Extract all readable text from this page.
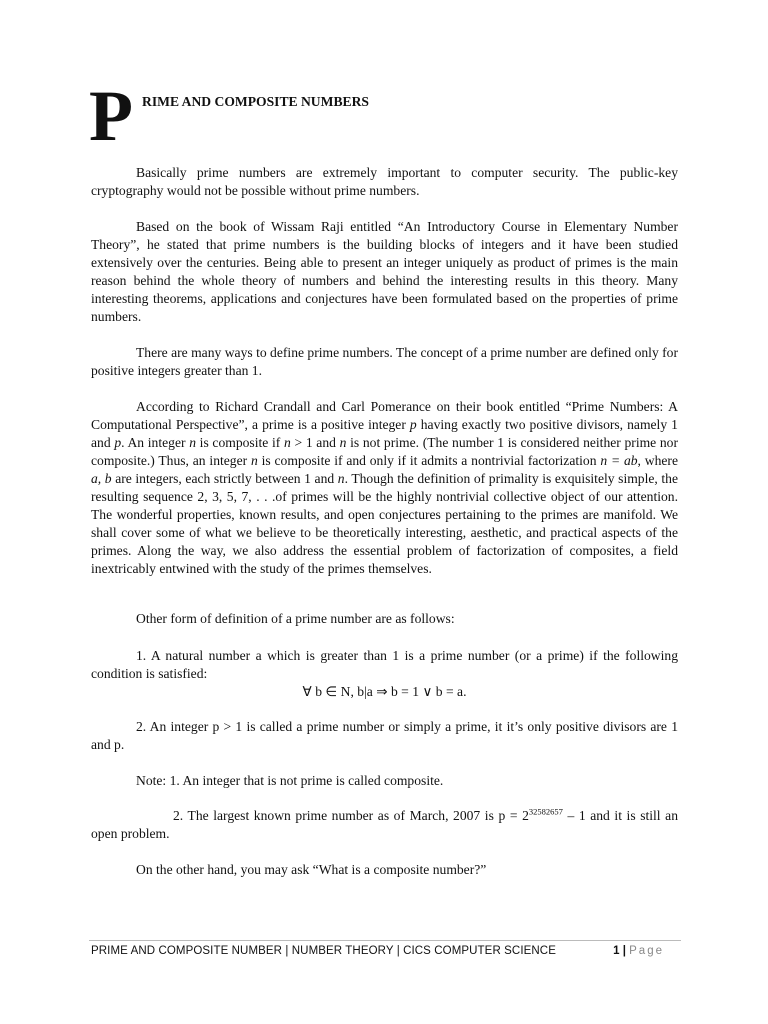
P RIME AND COMPOSITE NUMBERS
Basically prime numbers are extremely important to computer security. The public-key cryptography would not be possible without prime numbers.
Based on the book of Wissam Raji entitled “An Introductory Course in Elementary Number Theory”, he stated that prime numbers is the building blocks of integers and it have been studied extensively over the centuries. Being able to present an integer uniquely as product of primes is the main reason behind the whole theory of numbers and behind the interesting results in this theory. Many interesting theorems, applications and conjectures have been formulated based on the properties of prime numbers.
There are many ways to define prime numbers. The concept of a prime number are defined only for positive integers greater than 1.
According to Richard Crandall and Carl Pomerance on their book entitled “Prime Numbers: A Computational Perspective”, a prime is a positive integer p having exactly two positive divisors, namely 1 and p. An integer n is composite if n > 1 and n is not prime. (The number 1 is considered neither prime nor composite.) Thus, an integer n is composite if and only if it admits a nontrivial factorization n = ab, where a, b are integers, each strictly between 1 and n. Though the definition of primality is exquisitely simple, the resulting sequence 2, 3, 5, 7, . . .of primes will be the highly nontrivial collective object of our attention. The wonderful properties, known results, and open conjectures pertaining to the primes are manifold. We shall cover some of what we believe to be theoretically interesting, aesthetic, and practical aspects of the primes. Along the way, we also address the essential problem of factorization of composites, a field inextricably entwined with the study of the primes themselves.
Other form of definition of a prime number are as follows:
1. A natural number a which is greater than 1 is a prime number (or a prime) if the following condition is satisfied:
∀ b ∈ N, b|a ⇒ b = 1 ∨ b = a.
2. An integer p > 1 is called a prime number or simply a prime, it it’s only positive divisors are 1 and p.
Note: 1. An integer that is not prime is called composite.
2. The largest known prime number as of March, 2007 is $p = 2^{32582657} - 1$ and it is still an open problem.
On the other hand, you may ask “What is a composite number?”
PRIME AND COMPOSITE NUMBER | NUMBER THEORY | CICS COMPUTER SCIENCE	1 | Page
